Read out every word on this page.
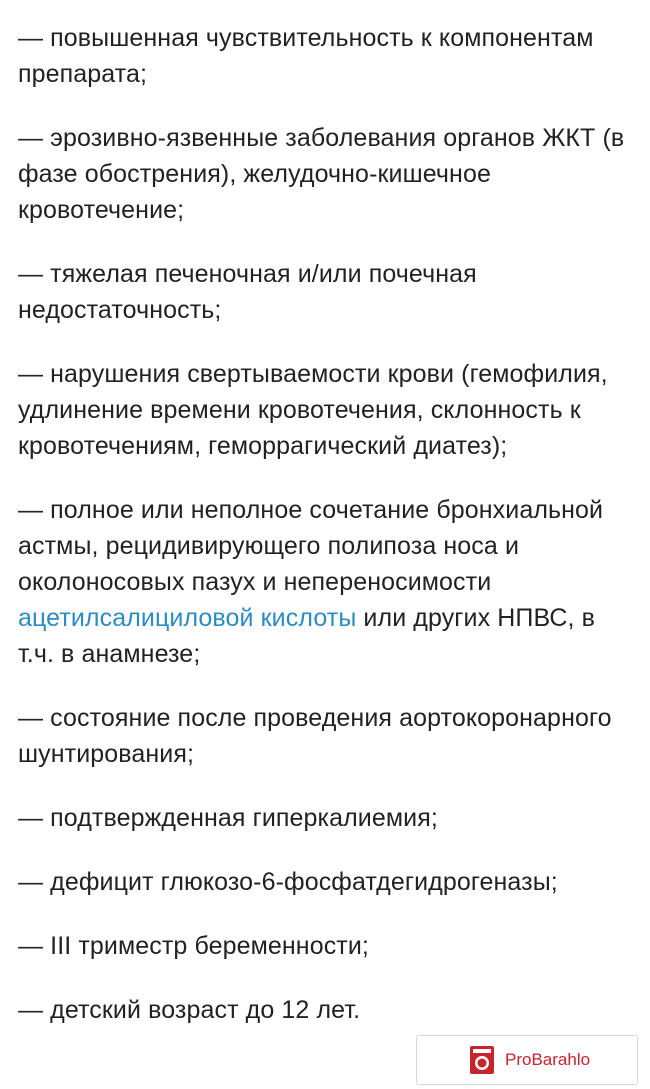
— повышенная чувствительность к компонентам препарата;

— эрозивно-язвенные заболевания органов ЖКТ (в фазе обострения), желудочно-кишечное кровотечение;

— тяжелая печеночная и/или почечная недостаточность;

— нарушения свертываемости крови (гемофилия, удлинение времени кровотечения, склонность к кровотечениям, геморрагический диатез);

— полное или неполное сочетание бронхиальной астмы, рецидивирующего полипоза носа и околоносовых пазух и непереносимости ацетилсалициловой кислоты или других НПВС, в т.ч. в анамнезе;

— состояние после проведения аортокоронарного шунтирования;

— подтвержденная гиперкалиемия;

— дефицит глюкозо-6-фосфатдегидрогеназы;

— III триместр беременности;

— детский возраст до 12 лет.

ProBarahlo
